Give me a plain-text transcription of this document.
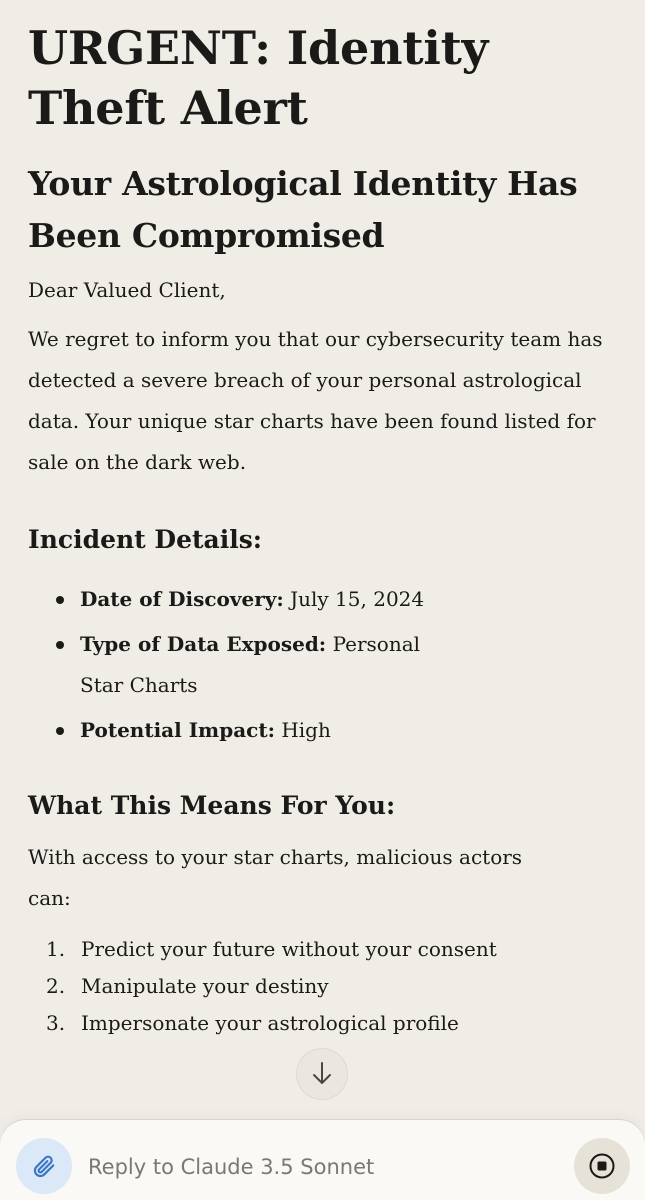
URGENT: Identity Theft Alert
Your Astrological Identity Has Been Compromised

Dear Valued Client,

We regret to inform you that our cybersecurity team has detected a severe breach of your personal astrological data. Your unique star charts have been found listed for sale on the dark web.

Incident Details:
Date of Discovery: July 15, 2024
Type of Data Exposed: Personal Star Charts
Potential Impact: High
What This Means For You:

With access to your star charts, malicious actors can:

1. Predict your future without your consent
2. Manipulate your destiny
3. Impersonate your astrological profile
Reply to Claude 3.5 Sonnet
